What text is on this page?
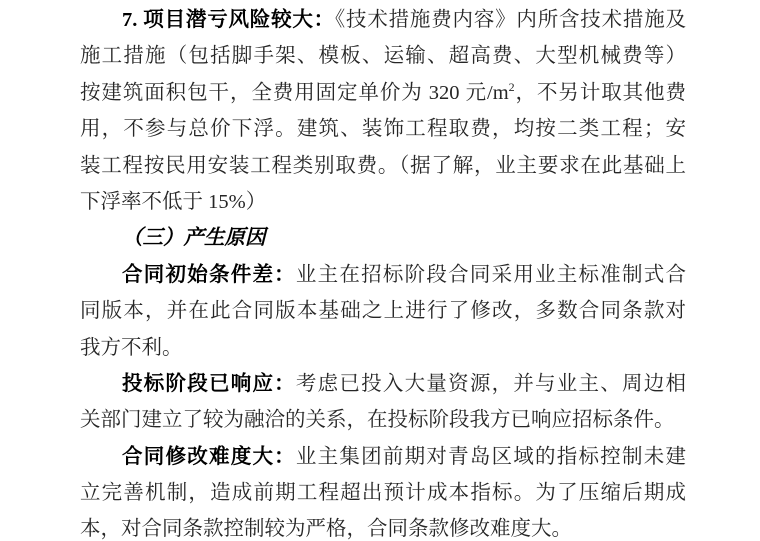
7. 项目潜亏风险较大：《技术措施费内容》内所含技术措施及
施工措施（包括脚手架、模板、运输、超高费、大型机械费等）
按建筑面积包干，全费用固定单价为 320 元$/m^2$，不另计取其他费
用，不参与总价下浮。建筑、装饰工程取费，均按二类工程；安
装工程按民用安装工程类别取费。（据了解，业主要求在此基础上
下浮率不低于 15%）
（三）产生原因
合同初始条件差：业主在招标阶段合同采用业主标准制式合
同版本，并在此合同版本基础之上进行了修改，多数合同条款对
我方不利。
投标阶段已响应：考虑已投入大量资源，并与业主、周边相
关部门建立了较为融洽的关系，在投标阶段我方已响应招标条件。
合同修改难度大：业主集团前期对青岛区域的指标控制未建
立完善机制，造成前期工程超出预计成本指标。为了压缩后期成
本，对合同条款控制较为严格，合同条款修改难度大。
